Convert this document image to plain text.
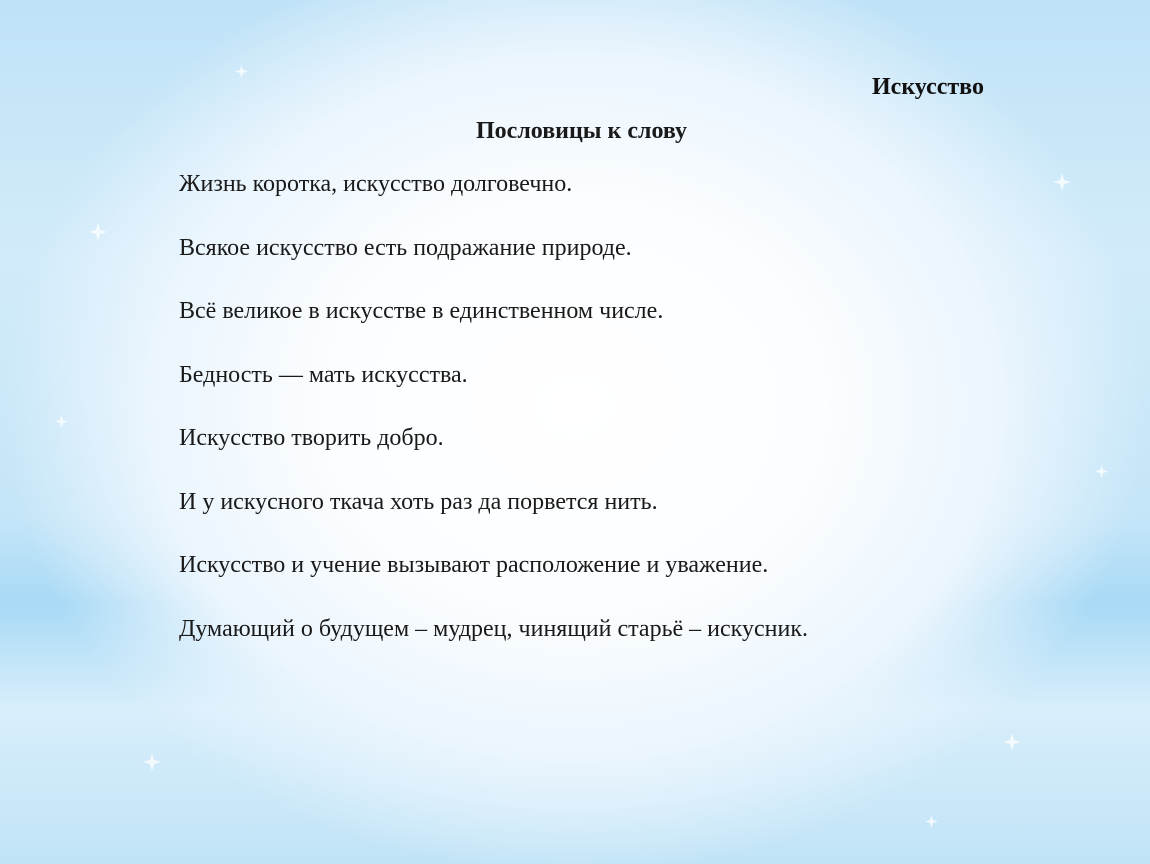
Искусство
Пословицы к слову
Жизнь коротка, искусство долговечно.
Всякое искусство есть подражание природе.
Всё великое в искусстве в единственном числе.
Бедность — мать искусства.
Искусство творить добро.
И у искусного ткача хоть раз да порвется нить.
Искусство и учение вызывают расположение и уважение.
Думающий о будущем – мудрец, чинящий старьё – искусник.
